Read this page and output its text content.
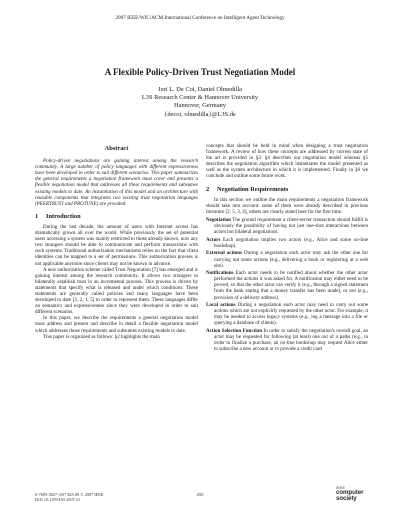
2007 IEEE/WIC/ACM International Conference on Intelligent Agent Technology
A Flexible Policy-Driven Trust Negotiation Model
Juri L. De Coi, Daniel Olmedilla
L3S Research Center & Hannover University
Hannover, Germany
{decoi, olmedilla}@L3S.de
Abstract

Policy-driven negotiations are gaining interest among the research community. A large number of policy languages with different expressiveness have been developed in order to suit different scenarios. This paper summarizes the general requirements a negotiation framework must cover and presents a flexible negotiation model that addresses all these requirements and subsumes existing models to date. An instantiation of this model and an architecture with reusable components that integrates two existing trust negotiation languages (PEERTRUST and PROTUNE) are provided.

1 Introduction

During the last decade, the amount of users with Internet access has dramatically grown all over the world. While previously the set of potential users accessing a system was mainly restricted to those already known, now any two strangers should be able to communicate and perform transactions with such systems. Traditional authorization mechanisms relies on the fact that client identities can be mapped to a set of permissions. This authorization process is not applicable anymore since clients may not be known in advance.

A new authorization scheme called Trust Negotiation [7] has emerged and is gaining interest among the research community. It allows two strangers to bilaterally establish trust in an incremental process. This process is driven by statements that specify what is released and under which conditions. These statements are generally called policies and many languages have been developed to date [3, 2, 1, 5] in order to represent them. These languages differ on semantics and expressiveness since they were developed in order to suit different scenarios.

In this paper, we describe the requirements a general negotiation model must address and present and describe in detail a flexible negotiation model which addresses those requirements and subsumes existing models to date.

This paper is organized as follows: §2 highlights the main

concepts that should be held in mind when designing a trust negotiation framework. A review of how these concepts are addressed by current state of the art is provided in §3. §4 describes our negotiation model whereas §5 describes the negotiation algorithm which instantiates the model presented as well as the system architecture in which it is implemented. Finally in §6 we conclude and outline some future work.

2 Negotiation Requirements

In this section we outline the main requirements a negotiation framework should take into account: some of them were already described in previous literature [2, 5, 3, 4], others are clearly stated here for the first time.

Negotiation The ground requirement a client-server transaction should fulfill is obviously the possibility of having not just one-shot interactions between actors but bilateral negotiations.

Actors Each negotiation implies two actors (e.g., Alice and some on-line bookshop).

External actions During a negotiation each actor may ask the other one for carrying out some actions (e.g., delivering a book or registering at a web site).

Notifications Each actor needs to be notified about whether the other actor performed the actions it was asked for. A notification may either need to be proved, so that the other actor can verify it (e.g., through a signed statement from the bank stating that a money transfer has been made), or not (e.g., provision of a delivery address).

Local actions During a negotiation each actor may need to carry out some actions which are not explicitly requested by the other actor. For example, it may be needed to access legacy systems (e.g., log a message into a file or querying a database of clients).

Action Selection Function In order to satisfy the negotiation's overall goal, an actor may be requested for following (at least) one out of n paths (e.g., in order to finalize a purchase, an on-line bookshop may request Alice either to subscribe a new account or to provide a credit card

0-7695-3027-3/07 $25.00 © 2007 IEEE
DOI 10.1109/IAT.2007.21
450
IEEE
computer
society
